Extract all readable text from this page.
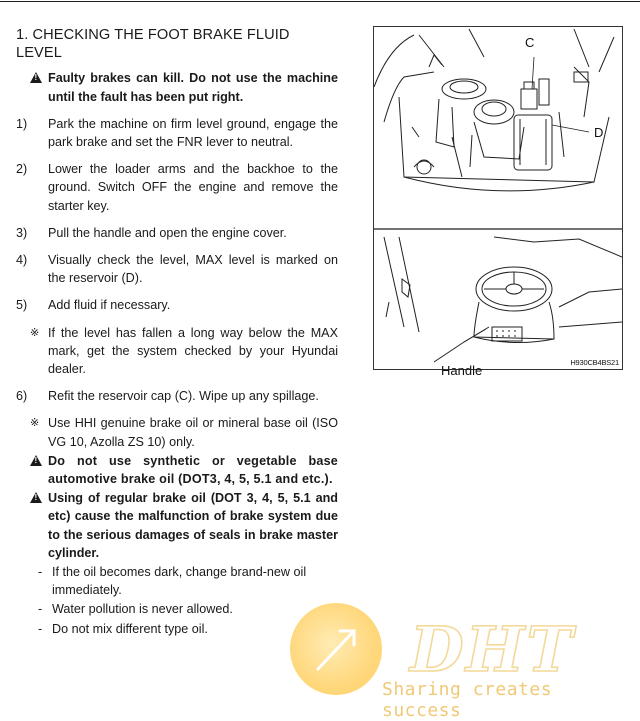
1. CHECKING THE FOOT BRAKE FLUID LEVEL
!
Faulty brakes can kill. Do not use the machine until the fault has been put right.
1) Park the machine on firm level ground, engage the park brake and set the FNR lever to neutral.
2) Lower the loader arms and the backhoe to the ground. Switch OFF the engine and remove the starter key.
3) Pull the handle and open the engine cover.
4) Visually check the level, MAX level is marked on the reservoir (D).
5) Add fluid if necessary.
※ If the level has fallen a long way below the MAX mark, get the system checked by your Hyundai dealer.
6) Refit the reservoir cap (C). Wipe up any spillage.
※ Use HHI genuine brake oil or mineral base oil (ISO VG 10, Azolla ZS 10) only.
!
Do not use synthetic or vegetable base automotive brake oil (DOT3, 4, 5, 5.1 and etc.).
!
Using of regular brake oil (DOT 3, 4, 5, 5.1 and etc) cause the malfunction of brake system due to the serious damages of seals in brake master cylinder.
- If the oil becomes dark, change brand-new oil immediately.
- Water pollution is never allowed.
- Do not mix different type oil.
C
D
Handle
H930CB4BS21
DHT
Sharing creates success
